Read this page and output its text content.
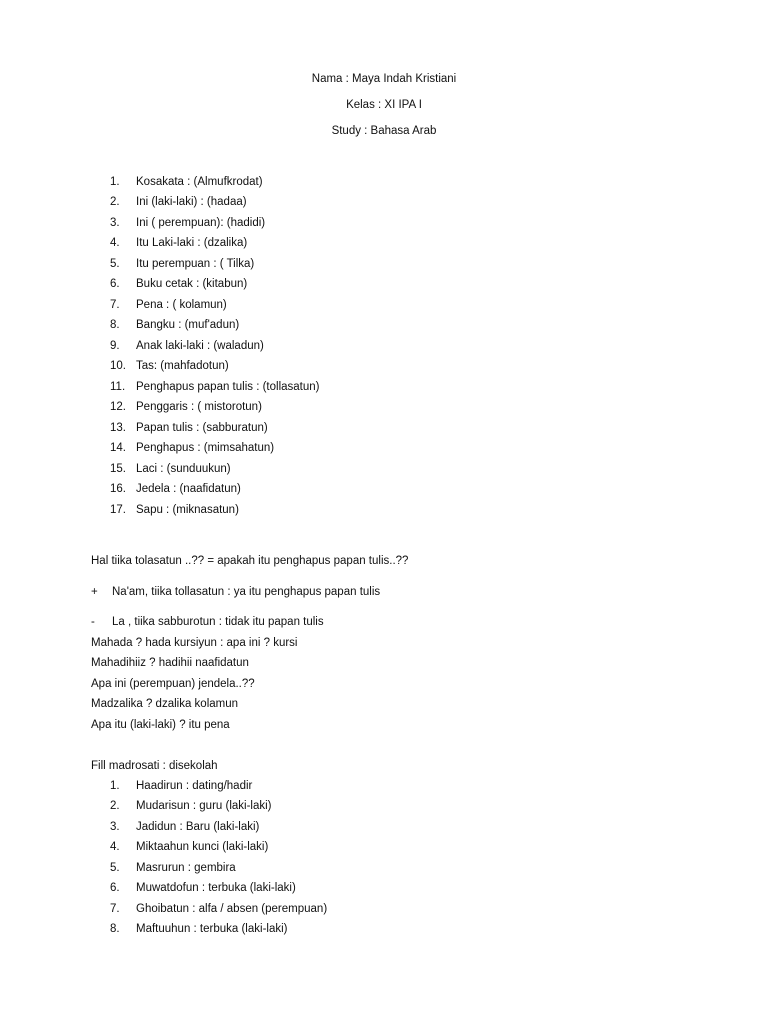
Nama : Maya Indah Kristiani
Kelas : XI IPA I
Study : Bahasa Arab
1. Kosakata : (Almufkrodat)
2. Ini (laki-laki) : (hadaa)
3. Ini ( perempuan): (hadidi)
4. Itu Laki-laki : (dzalika)
5. Itu perempuan : ( Tilka)
6. Buku cetak : (kitabun)
7. Pena : ( kolamun)
8. Bangku : (muf'adun)
9. Anak laki-laki : (waladun)
10. Tas: (mahfadotun)
11. Penghapus papan tulis : (tollasatun)
12. Penggaris : ( mistorotun)
13. Papan tulis : (sabburatun)
14. Penghapus : (mimsahatun)
15. Laci : (sunduukun)
16. Jedela : (naafidatun)
17. Sapu : (miknasatun)
Hal tiika tolasatun ..?? = apakah itu penghapus papan tulis..??
+ Na'am, tiika tollasatun : ya itu penghapus papan tulis
- La , tiika sabburotun : tidak itu papan tulis
Mahada ? hada kursiyun : apa ini ? kursi
Mahadihiiz ? hadihii naafidatun
Apa ini (perempuan) jendela..??
Madzalika ? dzalika kolamun
Apa itu (laki-laki) ? itu pena
Fill madrosati : disekolah
1. Haadirun : dating/hadir
2. Mudarisun : guru (laki-laki)
3. Jadidun : Baru (laki-laki)
4. Miktaahun kunci (laki-laki)
5. Masrurun : gembira
6. Muwatdofun : terbuka (laki-laki)
7. Ghoibatun : alfa / absen (perempuan)
8. Maftuuhun : terbuka (laki-laki)
